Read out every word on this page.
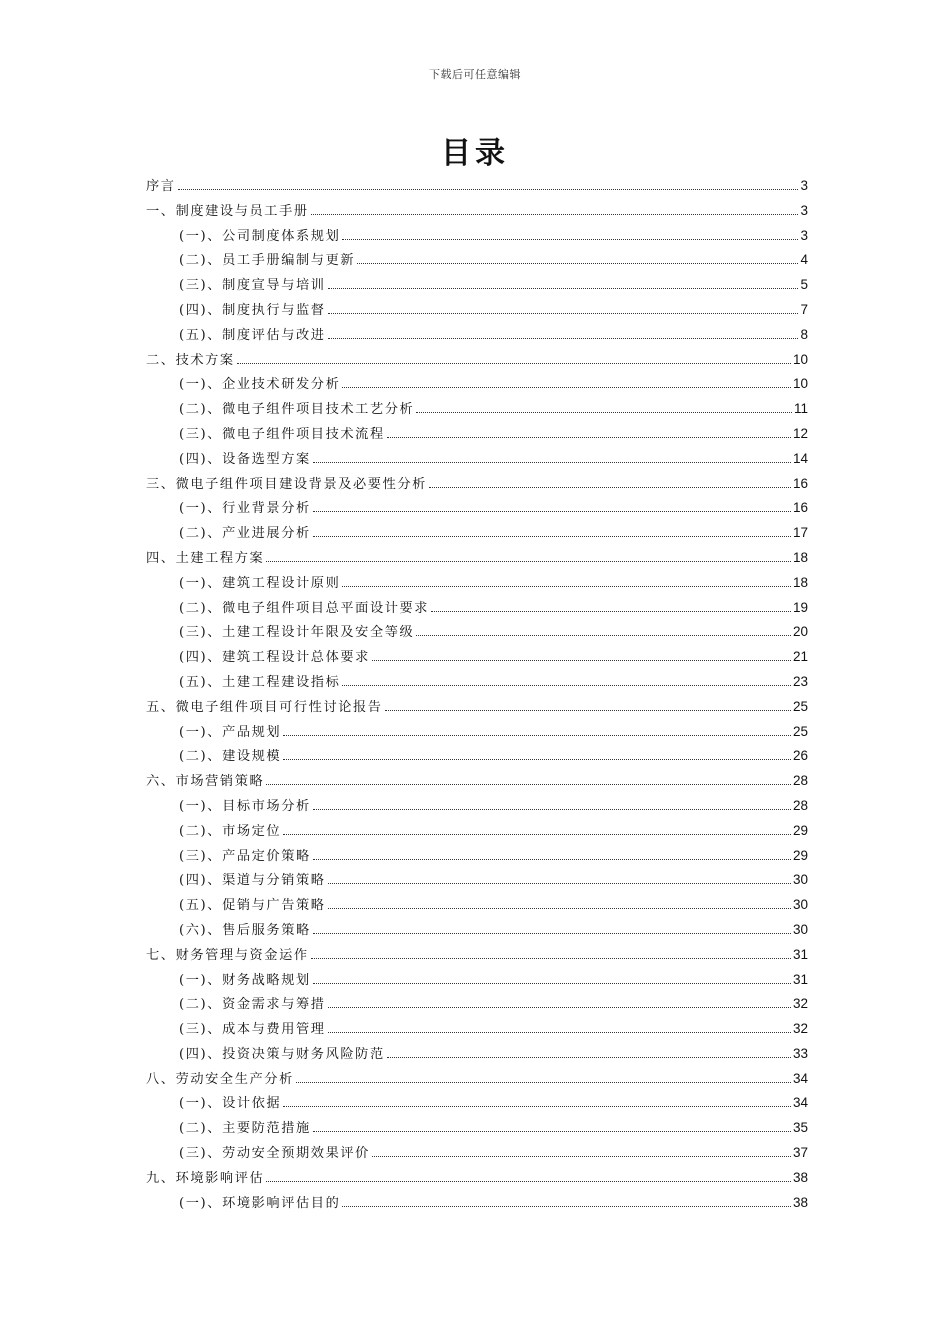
下载后可任意编辑
目录
序言	3
一、制度建设与员工手册	3
(一)、公司制度体系规划	3
(二)、员工手册编制与更新	4
(三)、制度宣导与培训	5
(四)、制度执行与监督	7
(五)、制度评估与改进	8
二、技术方案	10
(一)、企业技术研发分析	10
(二)、微电子组件项目技术工艺分析	11
(三)、微电子组件项目技术流程	12
(四)、设备选型方案	14
三、微电子组件项目建设背景及必要性分析	16
(一)、行业背景分析	16
(二)、产业进展分析	17
四、土建工程方案	18
(一)、建筑工程设计原则	18
(二)、微电子组件项目总平面设计要求	19
(三)、土建工程设计年限及安全等级	20
(四)、建筑工程设计总体要求	21
(五)、土建工程建设指标	23
五、微电子组件项目可行性讨论报告	25
(一)、产品规划	25
(二)、建设规模	26
六、市场营销策略	28
(一)、目标市场分析	28
(二)、市场定位	29
(三)、产品定价策略	29
(四)、渠道与分销策略	30
(五)、促销与广告策略	30
(六)、售后服务策略	30
七、财务管理与资金运作	31
(一)、财务战略规划	31
(二)、资金需求与筹措	32
(三)、成本与费用管理	32
(四)、投资决策与财务风险防范	33
八、劳动安全生产分析	34
(一)、设计依据	34
(二)、主要防范措施	35
(三)、劳动安全预期效果评价	37
九、环境影响评估	38
(一)、环境影响评估目的	38
